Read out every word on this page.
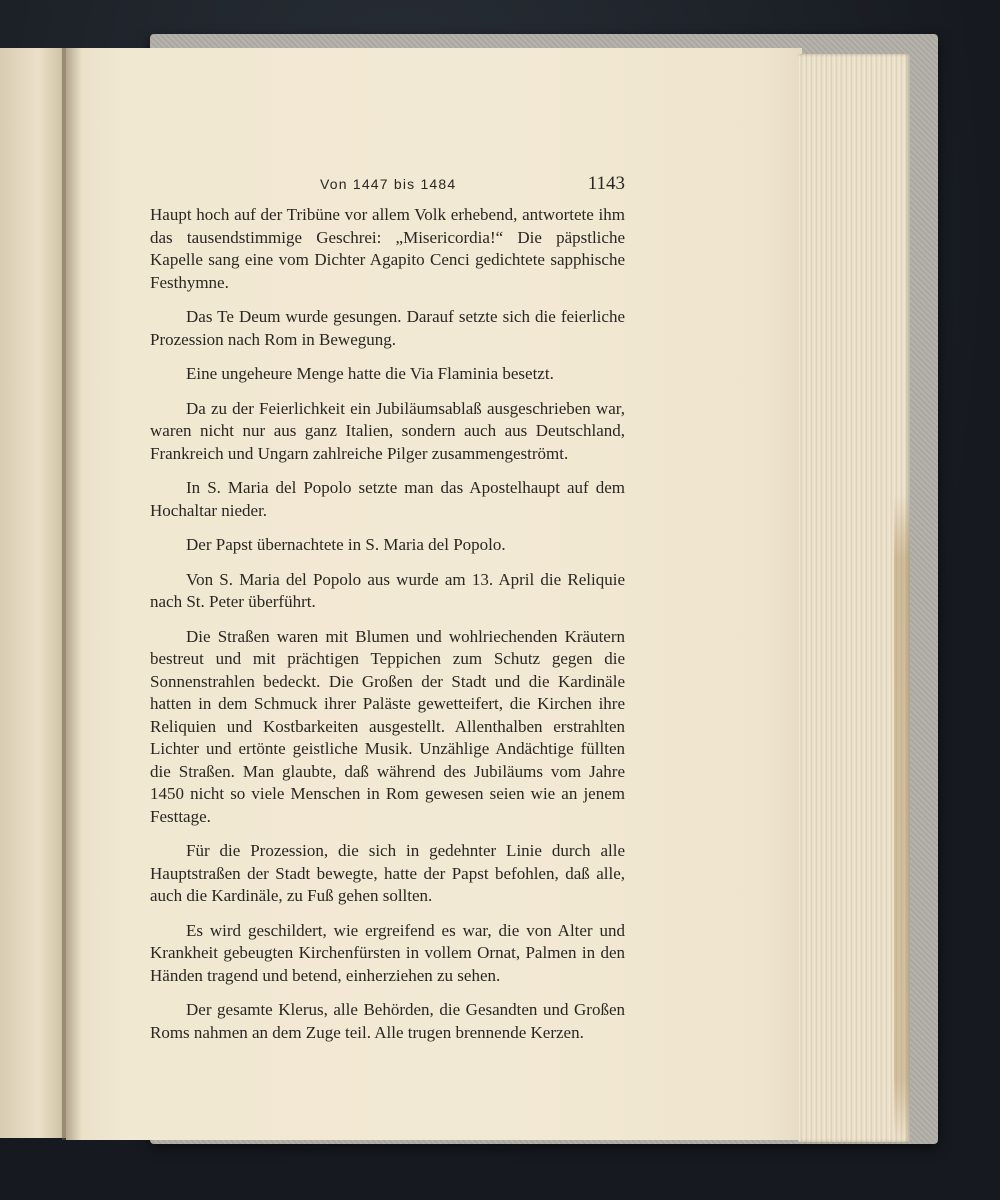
Von 1447 bis 1484	1143

Haupt hoch auf der Tribüne vor allem Volk erhebend, antwortete ihm das tausendstimmige Geschrei: „Misericordia!“ Die päpstliche Kapelle sang eine vom Dichter Agapito Cenci gedichtete sapphische Festhymne.

Das Te Deum wurde gesungen. Darauf setzte sich die feierliche Prozession nach Rom in Bewegung.

Eine ungeheure Menge hatte die Via Flaminia besetzt.

Da zu der Feierlichkeit ein Jubiläumsablaß ausgeschrieben war, waren nicht nur aus ganz Italien, sondern auch aus Deutschland, Frankreich und Ungarn zahlreiche Pilger zusammengeströmt.

In S. Maria del Popolo setzte man das Apostelhaupt auf dem Hochaltar nieder.

Der Papst übernachtete in S. Maria del Popolo.

Von S. Maria del Popolo aus wurde am 13. April die Reliquie nach St. Peter überführt.

Die Straßen waren mit Blumen und wohlriechenden Kräutern bestreut und mit prächtigen Teppichen zum Schutz gegen die Sonnenstrahlen bedeckt. Die Großen der Stadt und die Kardinäle hatten in dem Schmuck ihrer Paläste gewetteifert, die Kirchen ihre Reliquien und Kostbarkeiten ausgestellt. Allenthalben erstrahlten Lichter und ertönte geistliche Musik. Unzählige Andächtige füllten die Straßen. Man glaubte, daß während des Jubiläums vom Jahre 1450 nicht so viele Menschen in Rom gewesen seien wie an jenem Festtage.

Für die Prozession, die sich in gedehnter Linie durch alle Hauptstraßen der Stadt bewegte, hatte der Papst befohlen, daß alle, auch die Kardinäle, zu Fuß gehen sollten.

Es wird geschildert, wie ergreifend es war, die von Alter und Krankheit gebeugten Kirchenfürsten in vollem Ornat, Palmen in den Händen tragend und betend, einherziehen zu sehen.

Der gesamte Klerus, alle Behörden, die Gesandten und Großen Roms nahmen an dem Zuge teil. Alle trugen brennende Kerzen.
